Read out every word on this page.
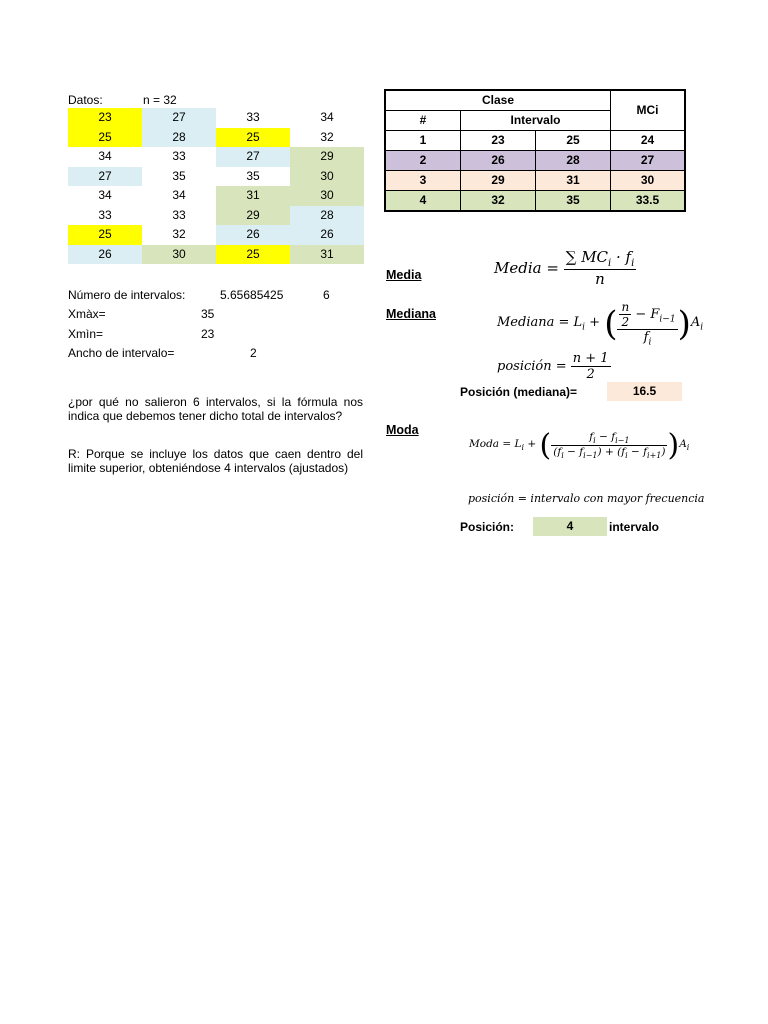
Datos:	n = 32
23	27	33	34
25	28	25	32
34	33	27	29
27	35	35	30
34	34	31	30
33	33	29	28
25	32	26	26
26	30	25	31
Número de intervalos:	5.65685425	6
Xmàx=	35
Xmìn=	23
Ancho de intervalo=	2
¿por qué no salieron 6 intervalos, si la fórmula nos indica que debemos tener dicho total de intervalos?
R: Porque se incluye los datos que caen dentro del limite superior, obteniéndose 4 intervalos (ajustados)
Clase			MCi
#	Intervalo		
1	23	25	24
2	26	28	27
3	29	31	30
4	32	35	33.5
Media	Media = $\frac{\sum MC_i \cdot f_i}{n}$
Mediana
Mediana = $L_i$ + ( $\frac{\frac{n}{2} - F_{i-1}}{f_i} )A_i$
posición = $\frac{n + 1}{2}$
Posición (mediana)=	16.5
Moda
Moda = $L_i$ + ( $\frac{f_i - f_{i-1}}{(f_i - f_{i-1}) + (f_i - f_{i+1})} )A_i$
posición = intervalo con mayor frecuencia
Posición:	4	intervalo
